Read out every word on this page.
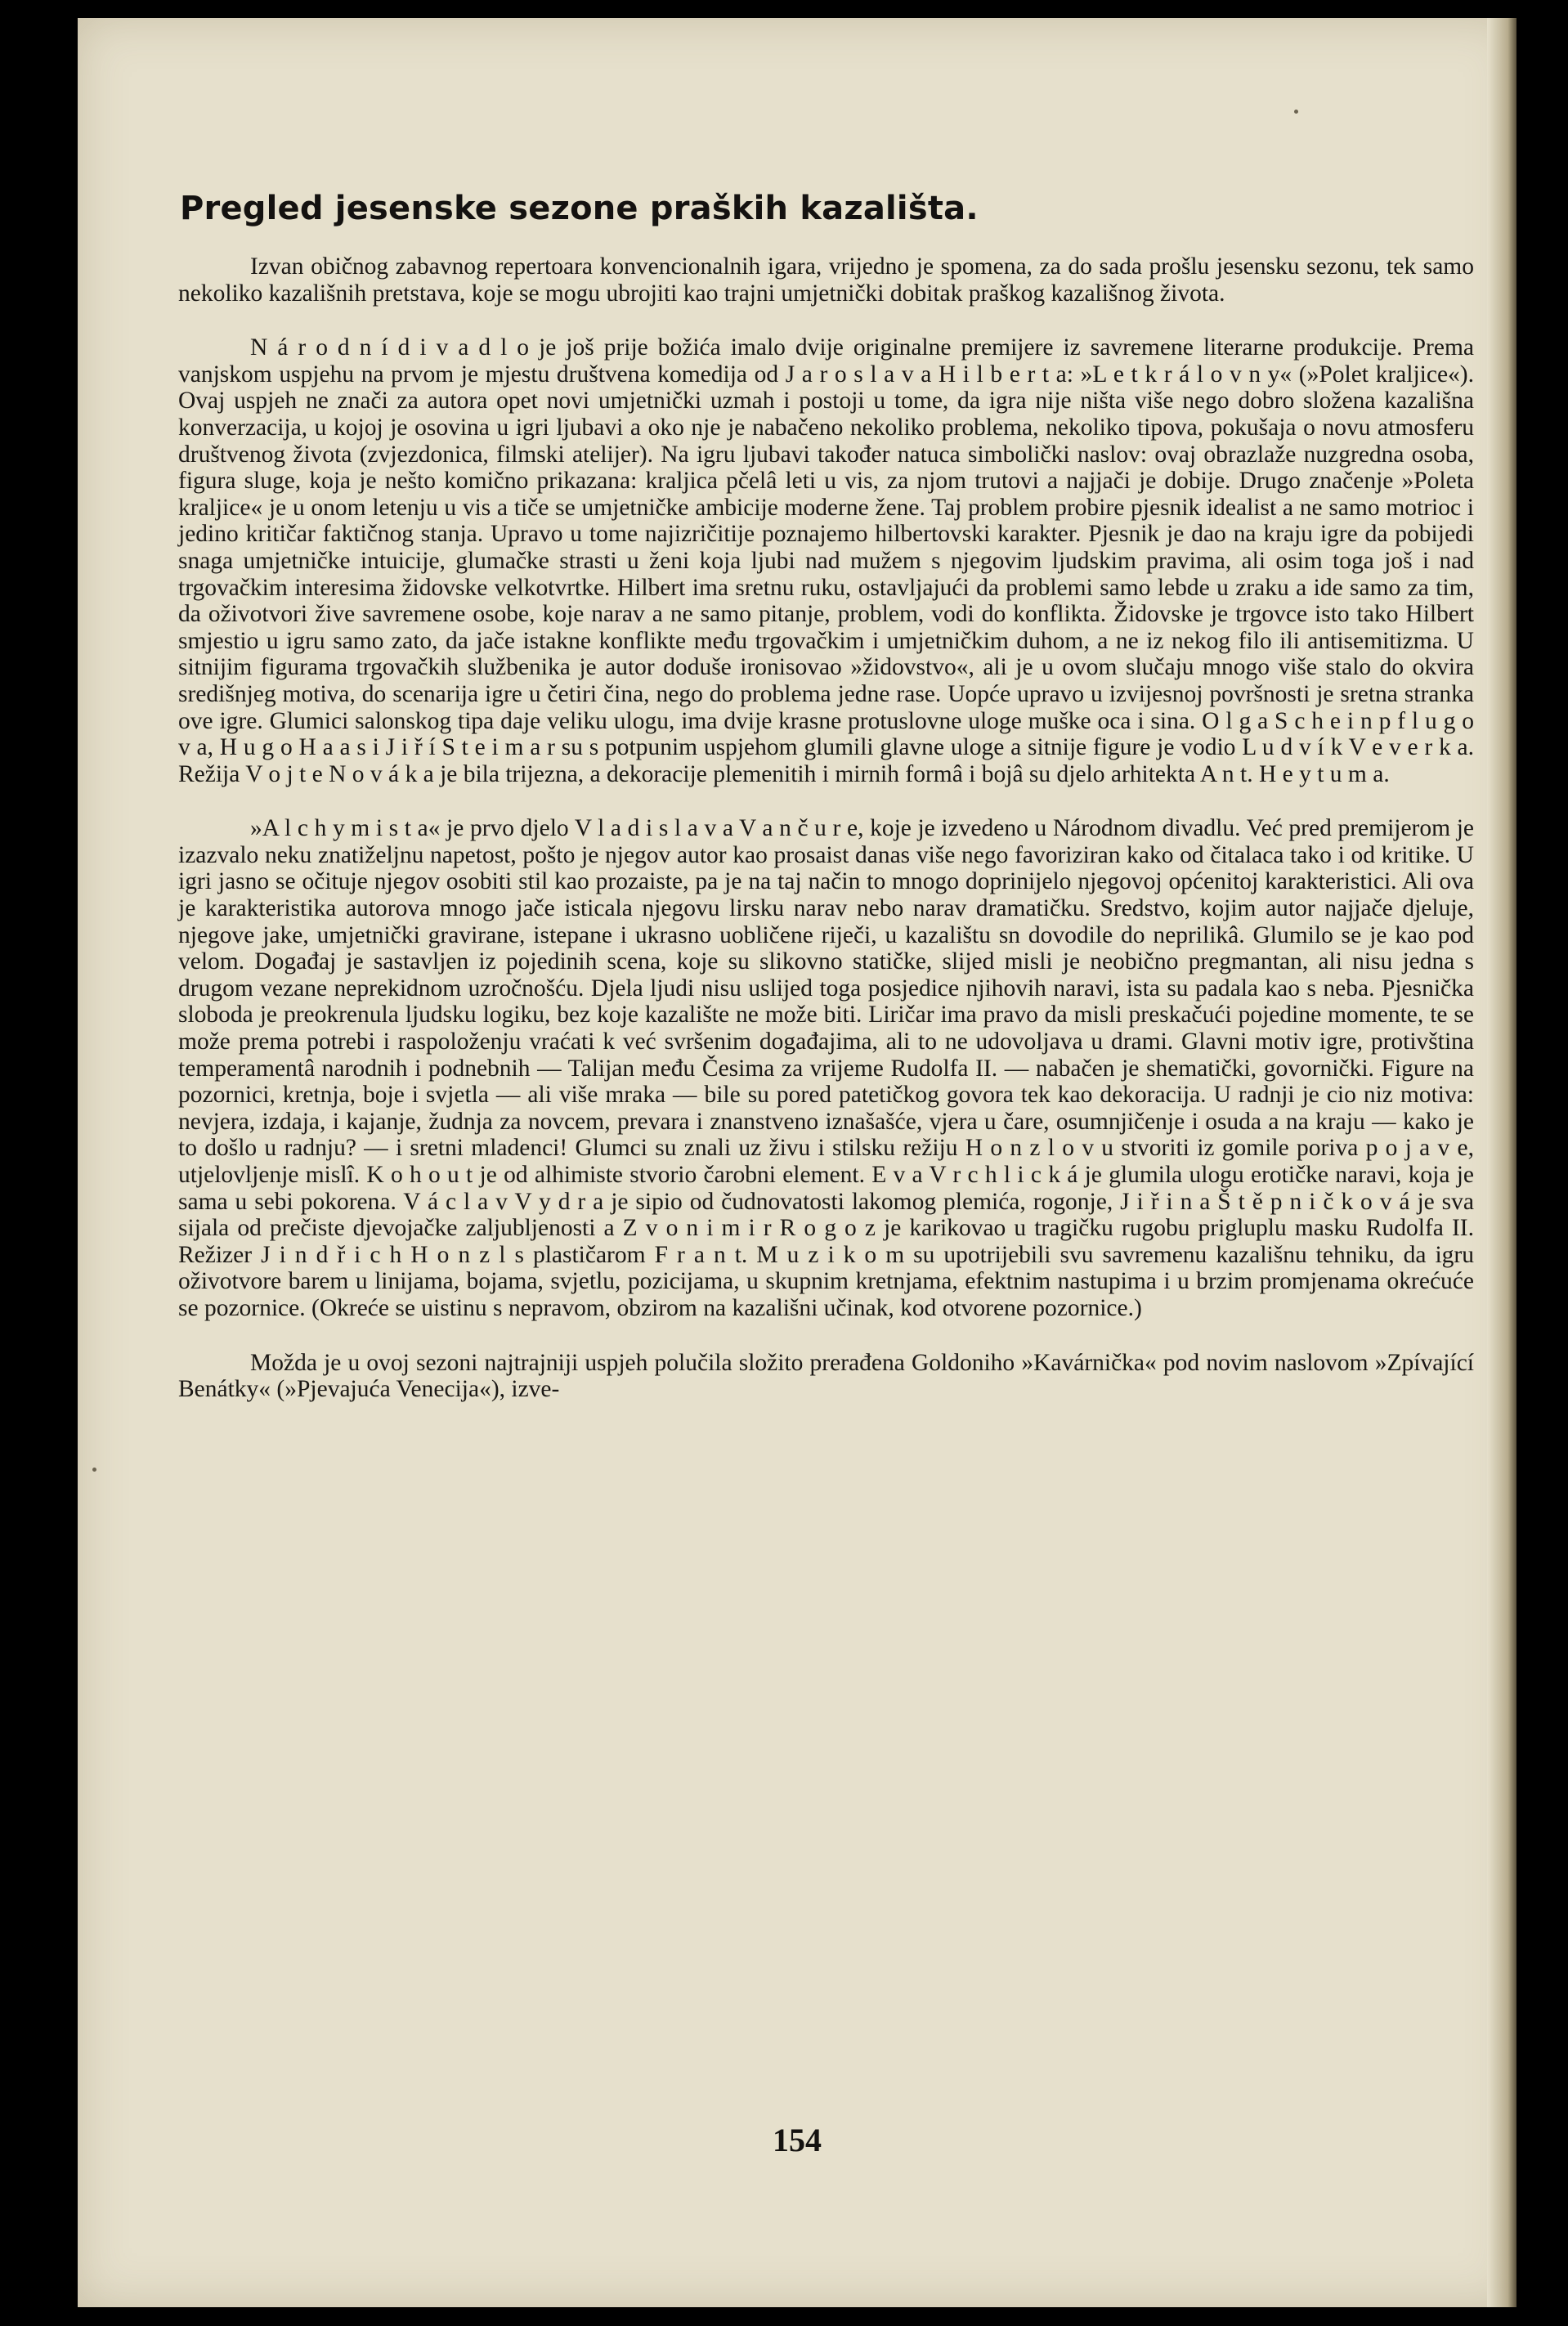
Pregled jesenske sezone praških kazališta.

Izvan običnog zabavnog repertoara konvencionalnih igara, vrijedno je spomena, za do sada prošlu jesensku sezonu, tek samo nekoliko kazališnih pretstava, koje se mogu ubrojiti kao trajni umjetnički dobitak praškog kazališnog života.

N á r o d n í d i v a d l o je još prije božića imalo dvije originalne premijere iz savremene literarne produkcije. Prema vanjskom uspjehu na prvom je mjestu društvena komedija od J a r o s l a v a H i l b e r t a: »L e t k r á l o v n y« (»Polet kraljice«). Ovaj uspjeh ne znači za autora opet novi umjetnički uzmah i postoji u tome, da igra nije ništa više nego dobro složena kazališna konverzacija, u kojoj je osovina u igri ljubavi a oko nje je nabačeno nekoliko problema, nekoliko tipova, pokušaja o novu atmosferu društvenog života (zvjezdonica, filmski atelijer). Na igru ljubavi također natuca simbolički naslov: ovaj obrazlaže nuzgredna osoba, figura sluge, koja je nešto komično prikazana: kraljica pčelâ leti u vis, za njom trutovi a najjači je dobije. Drugo značenje »Poleta kraljice« je u onom letenju u vis a tiče se umjetničke ambicije moderne žene. Taj problem probire pjesnik idealist a ne samo motrioc i jedino kritičar faktičnog stanja. Upravo u tome najizričitije poznajemo hilbertovski karakter. Pjesnik je dao na kraju igre da pobijedi snaga umjetničke intuicije, glumačke strasti u ženi koja ljubi nad mužem s njegovim ljudskim pravima, ali osim toga još i nad trgovačkim interesima židovske velkotvrtke. Hilbert ima sretnu ruku, ostavljajući da problemi samo lebde u zraku a ide samo za tim, da oživotvori žive savremene osobe, koje narav a ne samo pitanje, problem, vodi do konflikta. Židovske je trgovce isto tako Hilbert smjestio u igru samo zato, da jače istakne konflikte među trgovačkim i umjetničkim duhom, a ne iz nekog filo ili antisemitizma. U sitnijim figurama trgovačkih službenika je autor doduše ironisovao »židovstvo«, ali je u ovom slučaju mnogo više stalo do okvira središnjeg motiva, do scenarija igre u četiri čina, nego do problema jedne rase. Uopće upravo u izvijesnoj površnosti je sretna stranka ove igre. Glumici salonskog tipa daje veliku ulogu, ima dvije krasne protuslovne uloge muške oca i sina. O l g a S c h e i n p f l u g o v a, H u g o H a a s i J i ř í S t e i m a r su s potpunim uspjehom glumili glavne uloge a sitnije figure je vodio L u d v í k V e v e r k a. Režija V o j t e N o v á k a je bila trijezna, a dekoracije plemenitih i mirnih formâ i bojâ su djelo arhitekta A n t. H e y t u m a.

»A l c h y m i s t a« je prvo djelo V l a d i s l a v a V a n č u r e, koje je izvedeno u Národnom divadlu. Već pred premijerom je izazvalo neku znatiželjnu napetost, pošto je njegov autor kao prosaist danas više nego favoriziran kako od čitalaca tako i od kritike. U igri jasno se očituje njegov osobiti stil kao prozaiste, pa je na taj način to mnogo doprinijelo njegovoj općenitoj karakteristici. Ali ova je karakteristika autorova mnogo jače isticala njegovu lirsku narav nebo narav dramatičku. Sredstvo, kojim autor najjače djeluje, njegove jake, umjetnički gravirane, istepane i ukrasno uobličene riječi, u kazalištu sn dovodile do neprilikâ. Glumilo se je kao pod velom. Događaj je sastavljen iz pojedinih scena, koje su slikovno statičke, slijed misli je neobično pregmantan, ali nisu jedna s drugom vezane neprekidnom uzročnošću. Djela ljudi nisu uslijed toga posjedice njihovih naravi, ista su padala kao s neba. Pjesnička sloboda je preokrenula ljudsku logiku, bez koje kazalište ne može biti. Liričar ima pravo da misli preskačući pojedine momente, te se može prema potrebi i raspoloženju vraćati k već svršenim događajima, ali to ne udovoljava u drami. Glavni motiv igre, protivština temperamentâ narodnih i podnebnih — Talijan među Česima za vrijeme Rudolfa II. — nabačen je shematički, govornički. Figure na pozornici, kretnja, boje i svjetla — ali više mraka — bile su pored patetičkog govora tek kao dekoracija. U radnji je cio niz motiva: nevjera, izdaja, i kajanje, žudnja za novcem, prevara i znanstveno iznašašće, vjera u čare, osumnjičenje i osuda a na kraju — kako je to došlo u radnju? — i sretni mladenci! Glumci su znali uz živu i stilsku režiju H o n z l o v u stvoriti iz gomile poriva p o j a v e, utjelovljenje mislî. K o h o u t je od alhimiste stvorio čarobni element. E v a V r c h l i c k á je glumila ulogu erotičke naravi, koja je sama u sebi pokorena. V á c l a v V y d r a je sipio od čudnovatosti lakomog plemića, rogonje, J i ř i n a Š t ě p n i č k o v á je sva sijala od prečiste djevojačke zaljubljenosti a Z v o n i m i r R o g o z je karikovao u tragičku rugobu prigluplu masku Rudolfa II. Režizer J i n d ř i c h H o n z l s plastičarom F r a n t. M u z i k o m su upotrijebili svu savremenu kazališnu tehniku, da igru oživotvore barem u linijama, bojama, svjetlu, pozicijama, u skupnim kretnjama, efektnim nastupima i u brzim promjenama okrećuće se pozornice. (Okreće se uistinu s nepravom, obzirom na kazališni učinak, kod otvorene pozornice.)

Možda je u ovoj sezoni najtrajniji uspjeh polučila složito prerađena Goldoniho »Kavárnička« pod novim naslovom »Zpívající Benátky« (»Pjevajuća Venecija«), izve-

154
